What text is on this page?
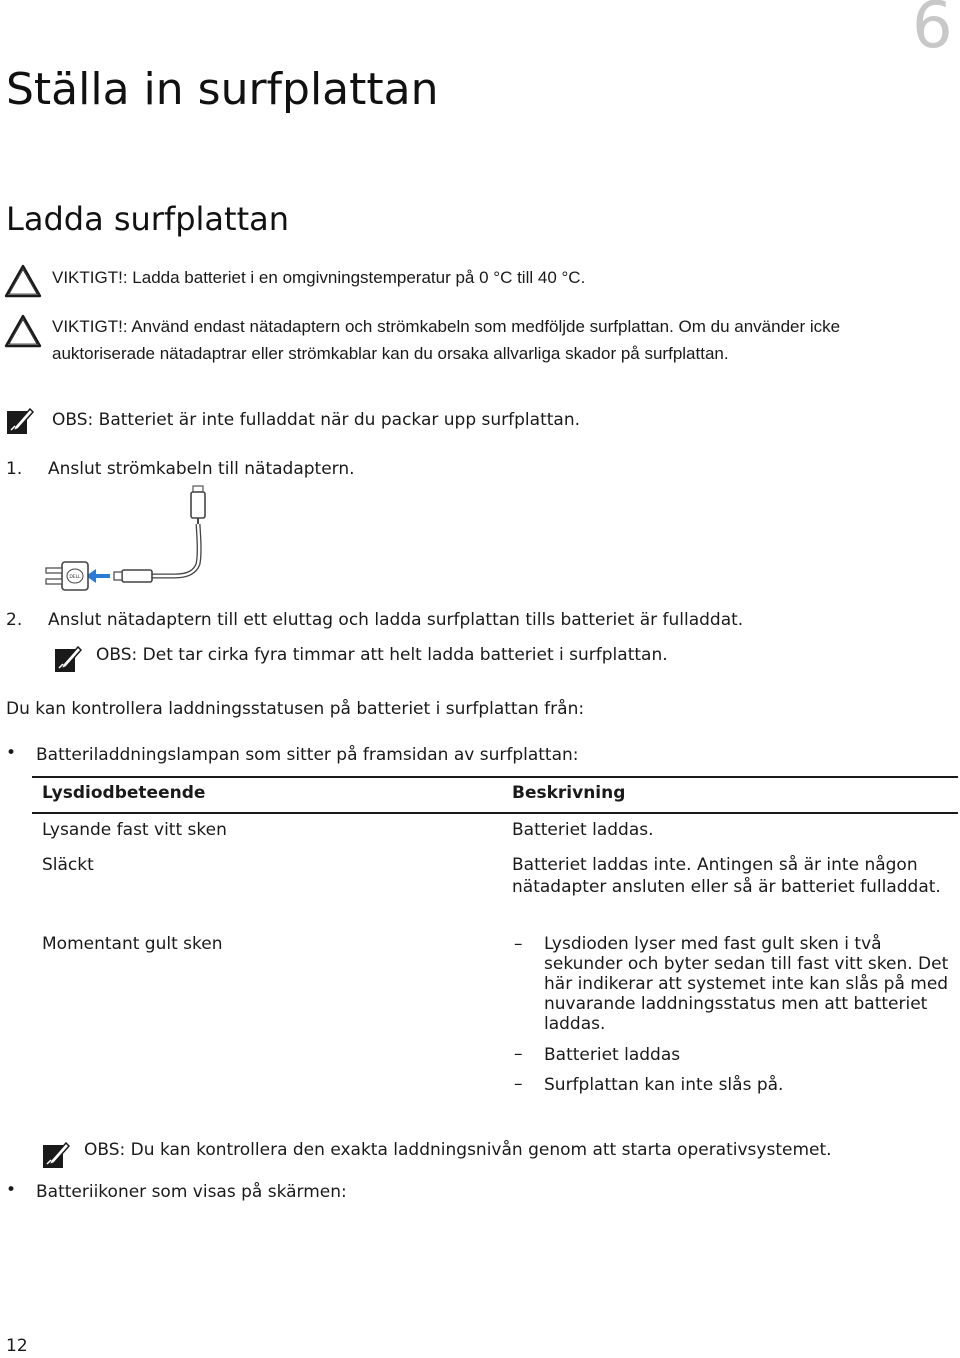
6
Ställa in surfplattan
Ladda surfplattan
VIKTIGT!: Ladda batteriet i en omgivningstemperatur på 0 °C till 40 °C.
VIKTIGT!: Använd endast nätadaptern och strömkabeln som medföljde surfplattan. Om du använder icke auktoriserade nätadaptrar eller strömkablar kan du orsaka allvarliga skador på surfplattan.
OBS: Batteriet är inte fulladdat när du packar upp surfplattan.
1. Anslut strömkabeln till nätadaptern.
DELL
2. Anslut nätadaptern till ett eluttag och ladda surfplattan tills batteriet är fulladdat.
OBS: Det tar cirka fyra timmar att helt ladda batteriet i surfplattan.
Du kan kontrollera laddningsstatusen på batteriet i surfplattan från:
• Batteriladdningslampan som sitter på framsidan av surfplattan:
Lysdiodbeteende	Beskrivning
Lysande fast vitt sken	Batteriet laddas.
Släckt	Batteriet laddas inte. Antingen så är inte någon nätadapter ansluten eller så är batteriet fulladdat.
Momentant gult sken	– Lysdioden lyser med fast gult sken i två sekunder och byter sedan till fast vitt sken. Det här indikerar att systemet inte kan slås på med nuvarande laddningsstatus men att batteriet laddas.
– Batteriet laddas
– Surfplattan kan inte slås på.
OBS: Du kan kontrollera den exakta laddningsnivån genom att starta operativsystemet.
• Batteriikoner som visas på skärmen:
12
